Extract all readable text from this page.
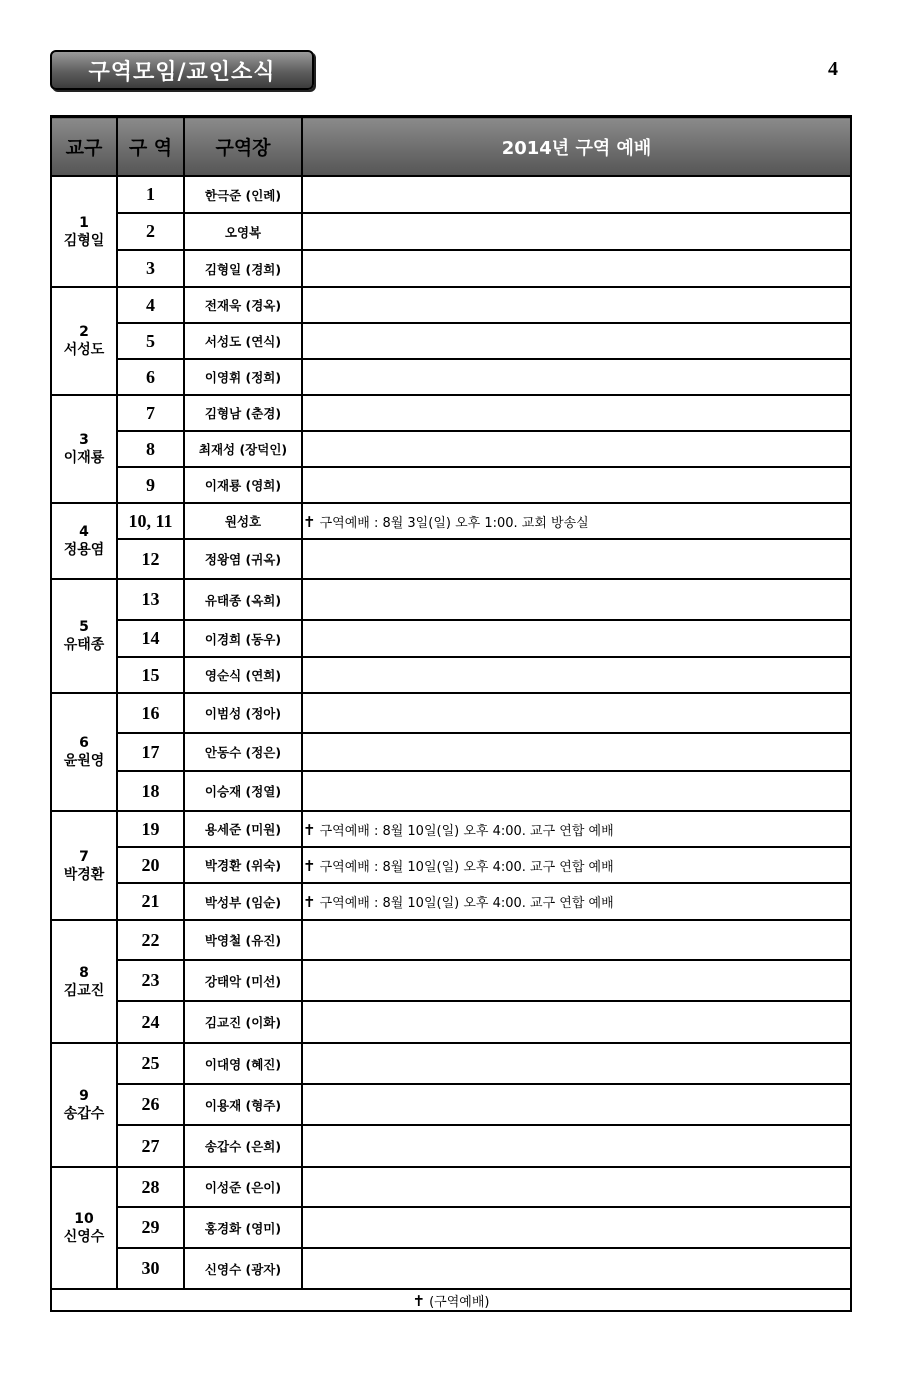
구역모임/교인소식	4
교구	구 역	구역장	2014년 구역 예배

1
김형일	1	한극준 (인례)	
	2	오영복	
	3	김형일 (경희)	

2
서성도	4	전재욱 (경옥)	
	5	서성도 (연식)	
	6	이영휘 (정희)	

3
이재룡	7	김형남 (춘경)	
	8	최재성 (장덕인)	
	9	이재룡 (영희)	

4
정용염	10, 11	원성호	✝ 구역예배 : 8월 3일(일) 오후 1:00. 교회 방송실
	12	정왕염 (귀옥)	

5
유태종	13	유태종 (옥희)	
	14	이경희 (동우)	
	15	영순식 (연희)	

6
윤원영	16	이범성 (정아)	
	17	안동수 (정은)	
	18	이승재 (정열)	

7
박경환	19	용세준 (미원)	✝ 구역예배 : 8월 10일(일) 오후 4:00. 교구 연합 예배
	20	박경환 (위숙)	✝ 구역예배 : 8월 10일(일) 오후 4:00. 교구 연합 예배
	21	박성부 (임순)	✝ 구역예배 : 8월 10일(일) 오후 4:00. 교구 연합 예배

8
김교진	22	박영철 (유진)	
	23	강태악 (미선)	
	24	김교진 (이화)	

9
송갑수	25	이대영 (혜진)	
	26	이용재 (형주)	
	27	송갑수 (은희)	

10
신영수	28	이성준 (은이)	
	29	홍경화 (영미)	
	30	신영수 (광자)	
✝ (구역예배)			
